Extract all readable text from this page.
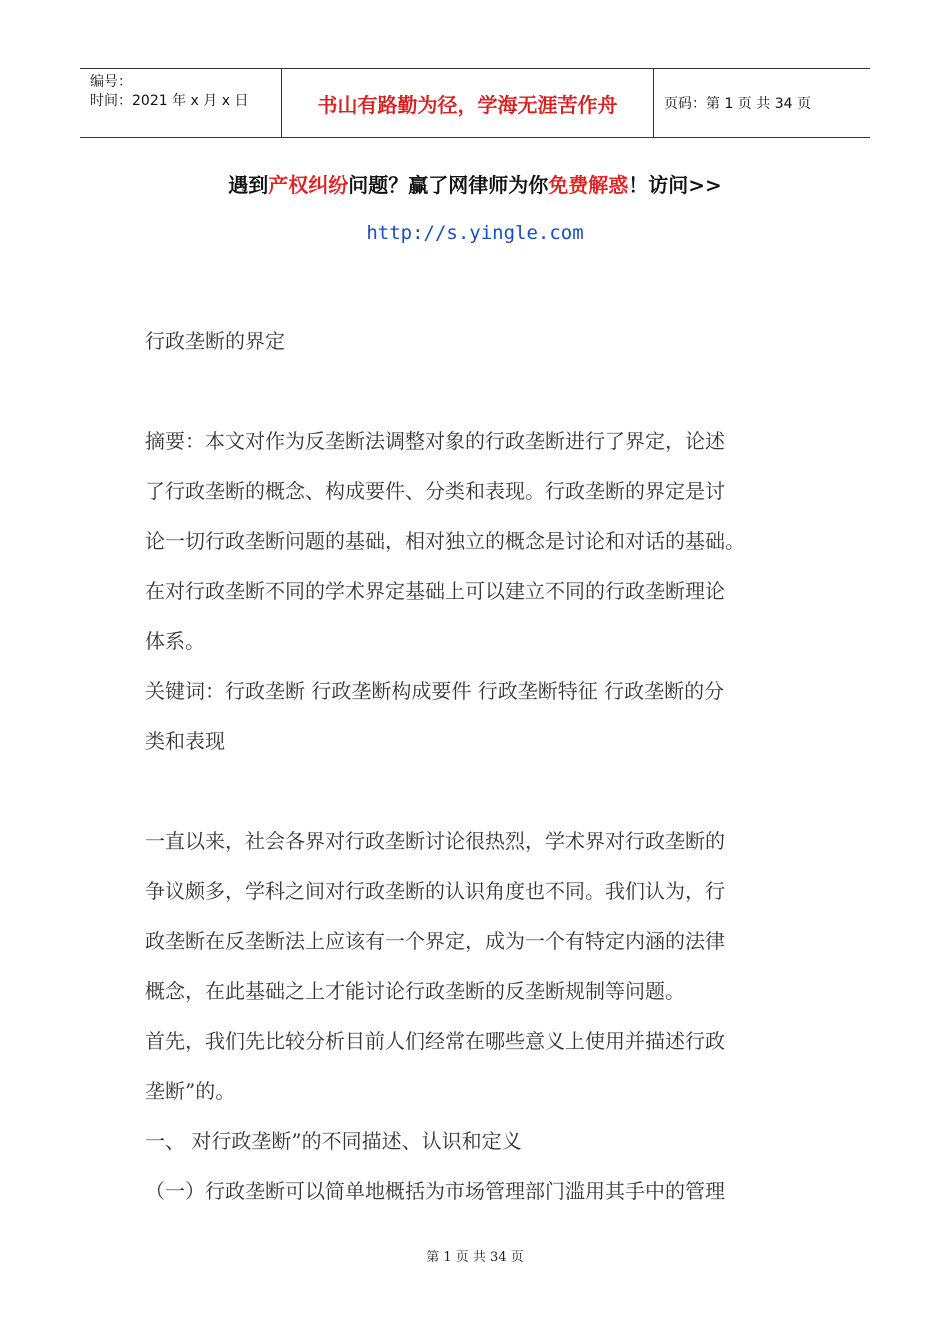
编号：
时间：2021 年 x 月 x 日	书山有路勤为径，学海无涯苦作舟	页码：第 1 页 共 34 页
遇到产权纠纷问题？赢了网律师为你免费解惑！访问>>
http://s.yingle.com

行政垄断的界定

摘要：本文对作为反垄断法调整对象的行政垄断进行了界定，论述

了行政垄断的概念、构成要件、分类和表现。行政垄断的界定是讨

论一切行政垄断问题的基础，相对独立的概念是讨论和对话的基础。

在对行政垄断不同的学术界定基础上可以建立不同的行政垄断理论

体系。

关键词：行政垄断 行政垄断构成要件 行政垄断特征 行政垄断的分

类和表现

一直以来，社会各界对行政垄断讨论很热烈，学术界对行政垄断的

争议颇多，学科之间对行政垄断的认识角度也不同。我们认为，行

政垄断在反垄断法上应该有一个界定，成为一个有特定内涵的法律

概念，在此基础之上才能讨论行政垄断的反垄断规制等问题。

首先，我们先比较分析目前人们经常在哪些意义上使用并描述行政

垄断”的。

一、 对行政垄断”的不同描述、认识和定义

（一）行政垄断可以简单地概括为市场管理部门滥用其手中的管理

第 1 页 共 34 页
